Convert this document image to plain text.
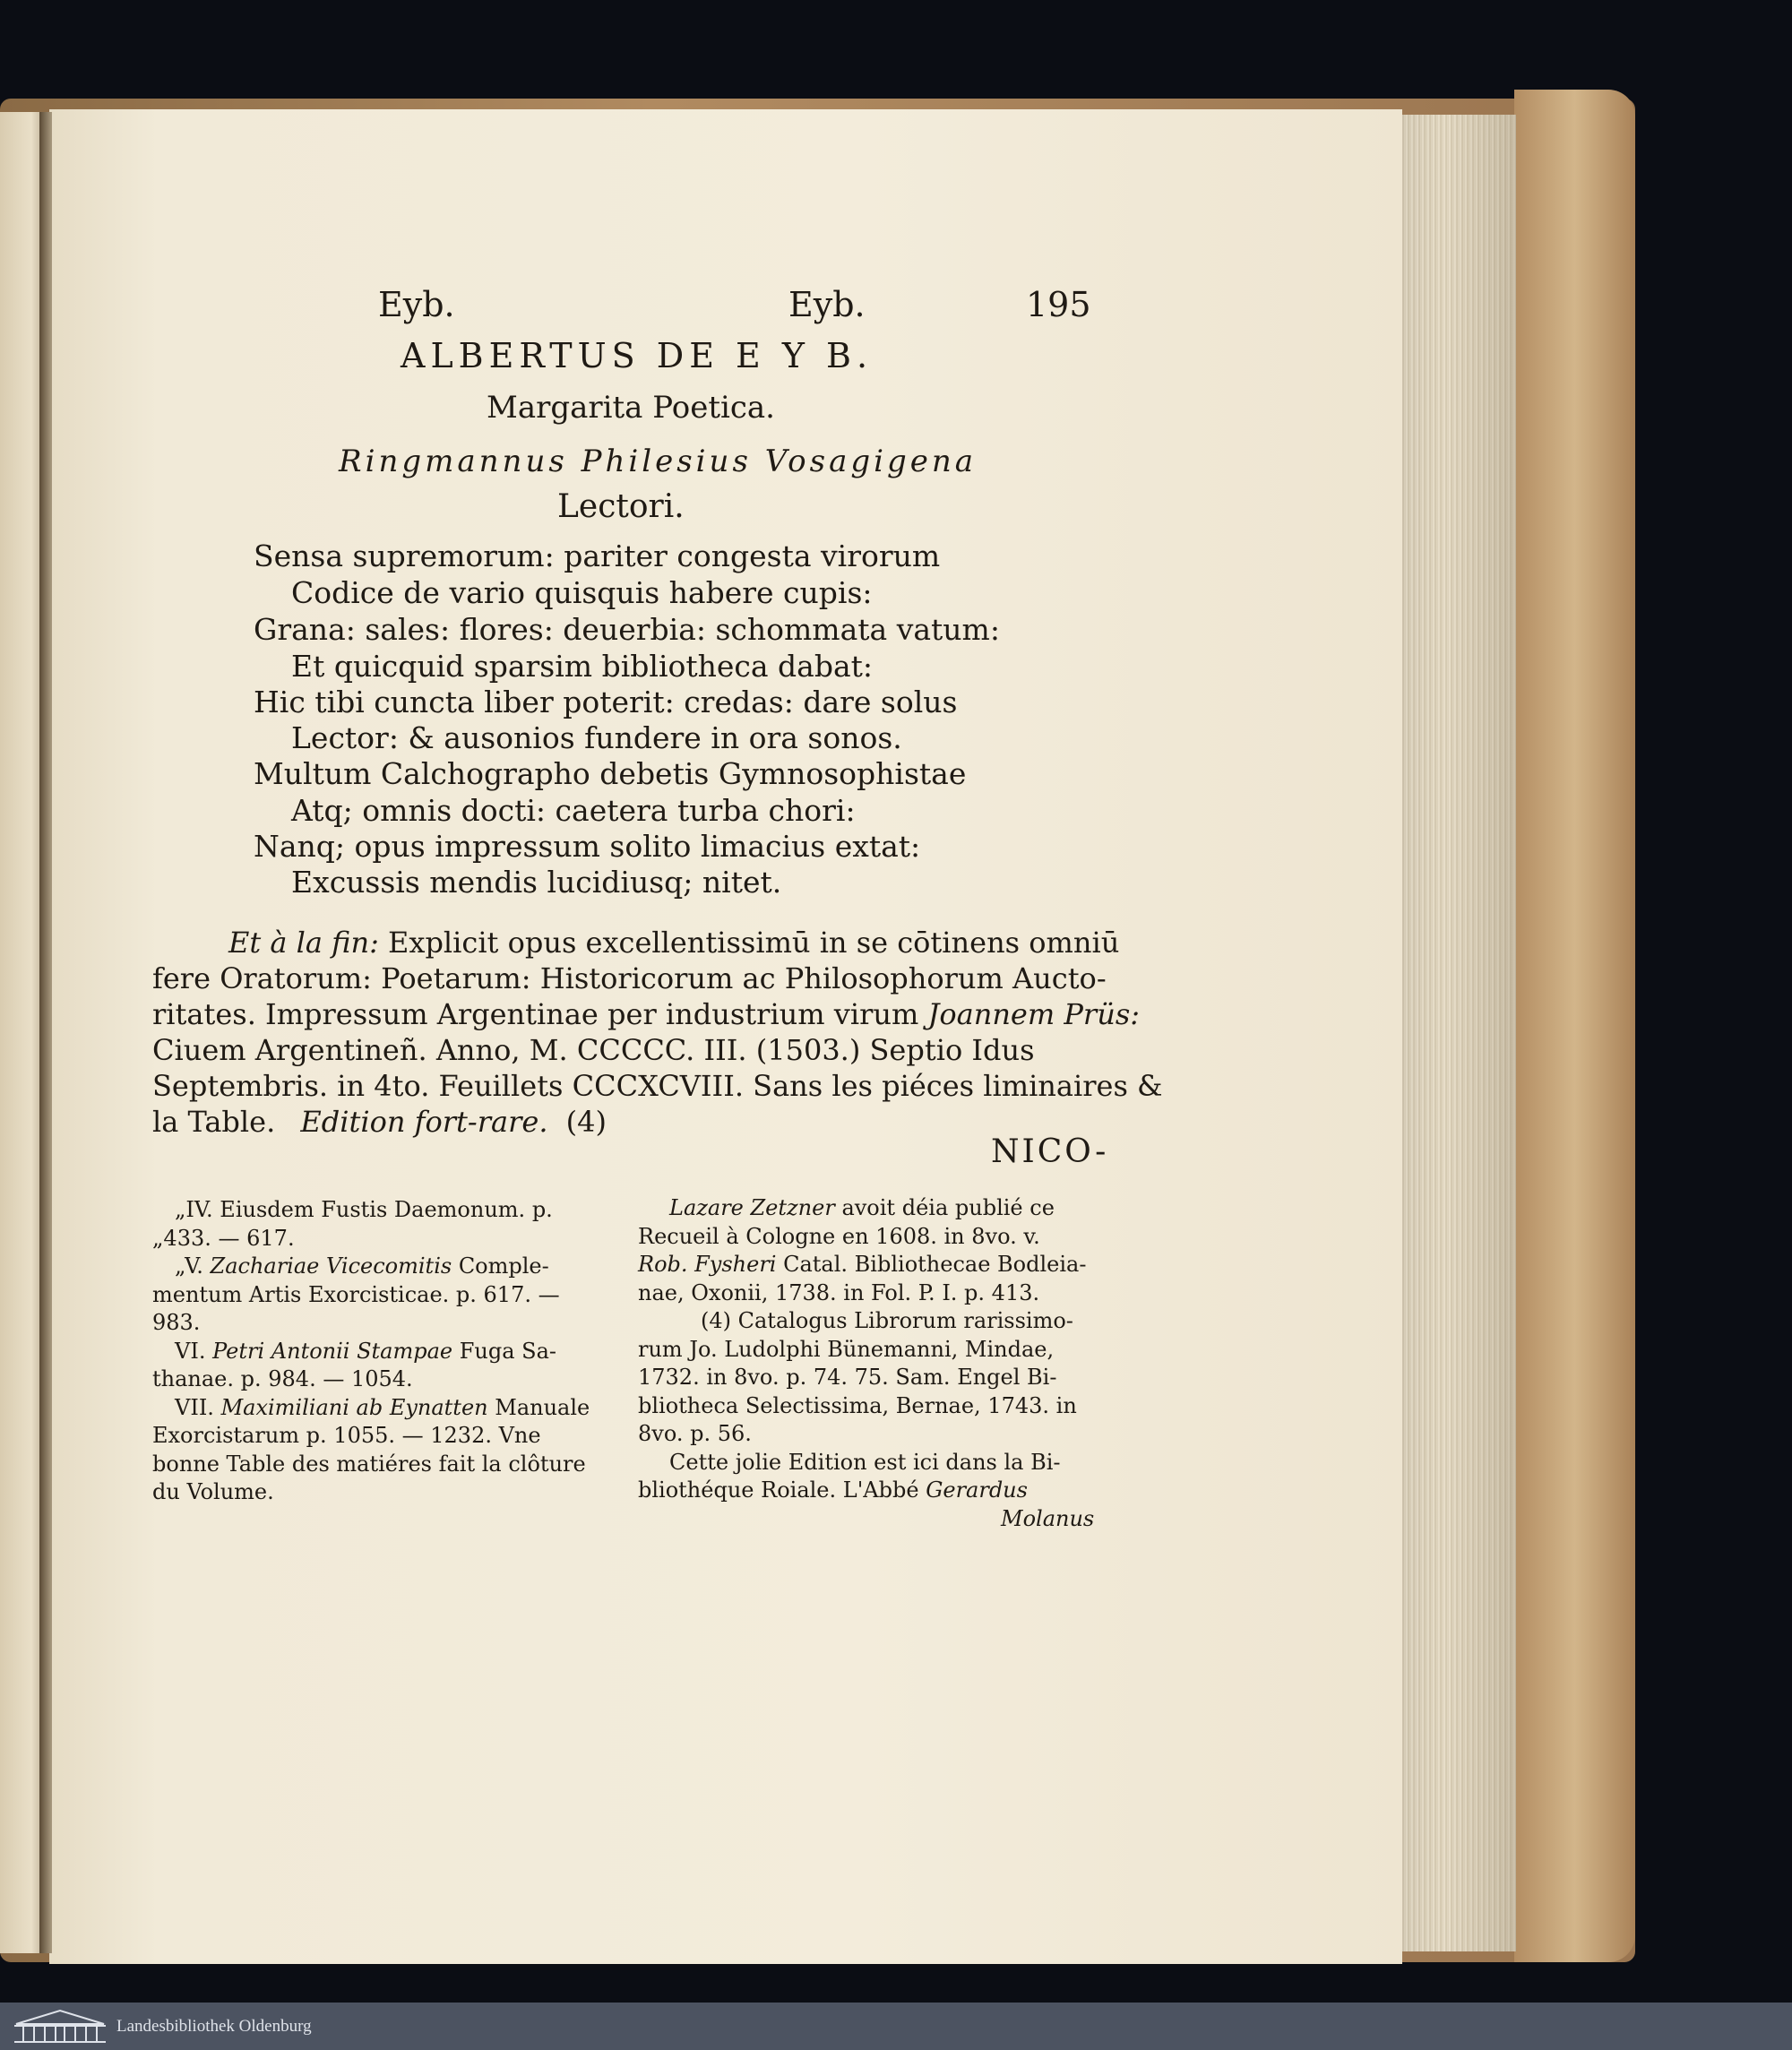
Eyb.	Eyb.	195
ALBERTUS DE E Y B.
Margarita Poetica.
Ringmannus Philesius Vosagigena
Lectori.
Sensa supremorum: pariter congesta virorum
Codice de vario quisquis habere cupis:
Grana: sales: flores: deuerbia: schommata vatum:
Et quicquid sparsim bibliotheca dabat:
Hic tibi cuncta liber poterit: credas: dare solus
Lector: & ausonios fundere in ora sonos.
Multum Calchographo debetis Gymnosophistae
Atq; omnis docti: caetera turba chori:
Nanq; opus impressum solito limacius extat:
Excussis mendis lucidiusq; nitet.
Et à la fin: Explicit opus excellentissimū in se cōtinens omniū
fere Oratorum: Poetarum: Historicorum ac Philosophorum Aucto-
ritates. Impressum Argentinae per industrium virum Joannem Prüs:
Ciuem Argentineñ. Anno, M. CCCCC. III. (1503.) Septio Idus
Septembris. in 4to. Feuillets CCCXCVIII. Sans les piéces liminaires &
la Table. Edition fort-rare. (4)
NICO-
„IV. Eiusdem Fustis Daemonum. p.
„433. — 617.
„V. Zachariae Vicecomitis Comple-
mentum Artis Exorcisticae. p. 617. —
983.
VI. Petri Antonii Stampae Fuga Sa-
thanae. p. 984. — 1054.
VII. Maximiliani ab Eynatten Manuale
Exorcistarum p. 1055. — 1232. Vne
bonne Table des matiéres fait la clôture
du Volume.
Lazare Zetzner avoit déia publié ce
Recueil à Cologne en 1608. in 8vo. v.
Rob. Fysheri Catal. Bibliothecae Bodleia-
nae, Oxonii, 1738. in Fol. P. I. p. 413.
(4) Catalogus Librorum rarissimo-
rum Jo. Ludolphi Bünemanni, Mindae,
1732. in 8vo. p. 74. 75. Sam. Engel Bi-
bliotheca Selectissima, Bernae, 1743. in
8vo. p. 56.
Cette jolie Edition est ici dans la Bi-
bliothéque Roiale. L'Abbé Gerardus
Molanus
Landesbibliothek Oldenburg
